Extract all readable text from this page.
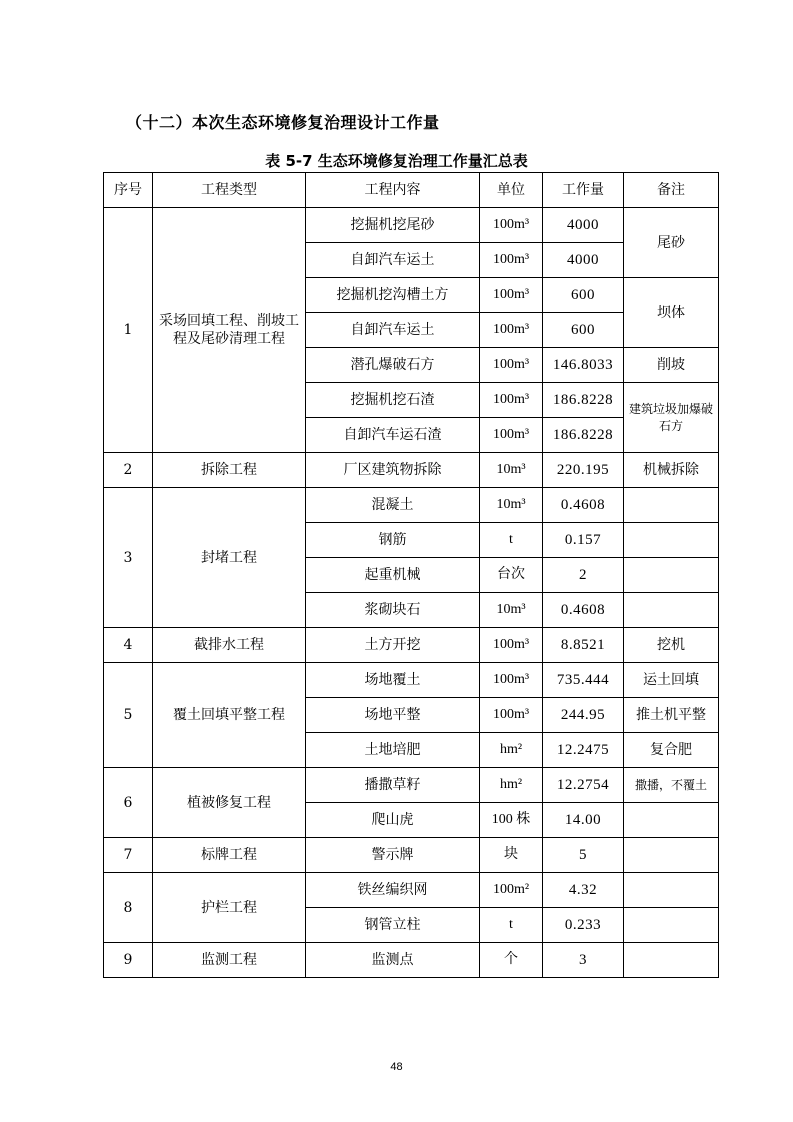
（十二）本次生态环境修复治理设计工作量
表 5-7 生态环境修复治理工作量汇总表
序号	工程类型	工程内容	单位	工作量	备注
1	采场回填工程、削坡工程及尾砂清理工程	挖掘机挖尾砂	100m³	4000	尾砂
		自卸汽车运土	100m³	4000	
		挖掘机挖沟槽土方	100m³	600	坝体
		自卸汽车运土	100m³	600	
		潜孔爆破石方	100m³	146.8033	削坡
		挖掘机挖石渣	100m³	186.8228	建筑垃圾加爆破石方
		自卸汽车运石渣	100m³	186.8228	
2	拆除工程	厂区建筑物拆除	10m³	220.195	机械拆除
3	封堵工程	混凝土	10m³	0.4608	
		钢筋	t	0.157	
		起重机械	台次	2	
		浆砌块石	10m³	0.4608	
4	截排水工程	土方开挖	100m³	8.8521	挖机
5	覆土回填平整工程	场地覆土	100m³	735.444	运土回填
		场地平整	100m³	244.95	推土机平整
		土地培肥	hm²	12.2475	复合肥
6	植被修复工程	播撒草籽	hm²	12.2754	撒播，不覆土
		爬山虎	100 株	14.00	
7	标牌工程	警示牌	块	5	
8	护栏工程	铁丝编织网	100m²	4.32	
		钢管立柱	t	0.233	
9	监测工程	监测点	个	3	
48
